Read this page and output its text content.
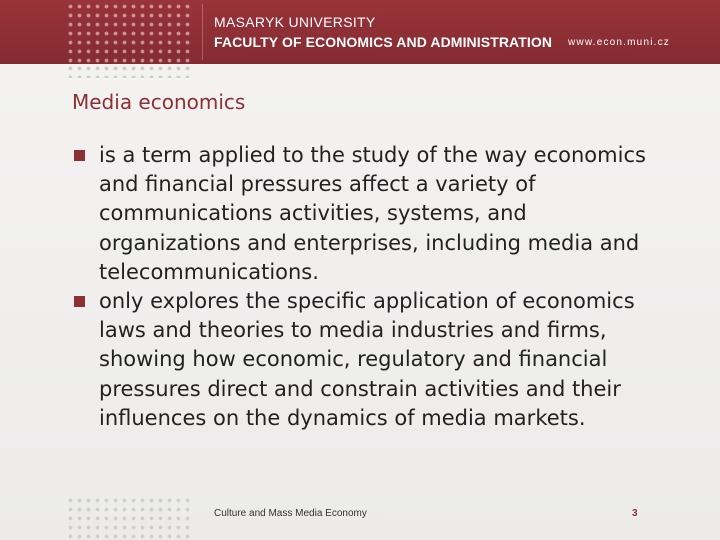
MASARYK UNIVERSITY
FACULTY OF ECONOMICS AND ADMINISTRATION www.econ.muni.cz
Media economics
is a term applied to the study of the way economics and financial pressures affect a variety of communications activities, systems, and organizations and enterprises, including media and telecommunications.
only explores the specific application of economics laws and theories to media industries and firms, showing how economic, regulatory and financial pressures direct and constrain activities and their influences on the dynamics of media markets.
Culture and Mass Media Economy	3
